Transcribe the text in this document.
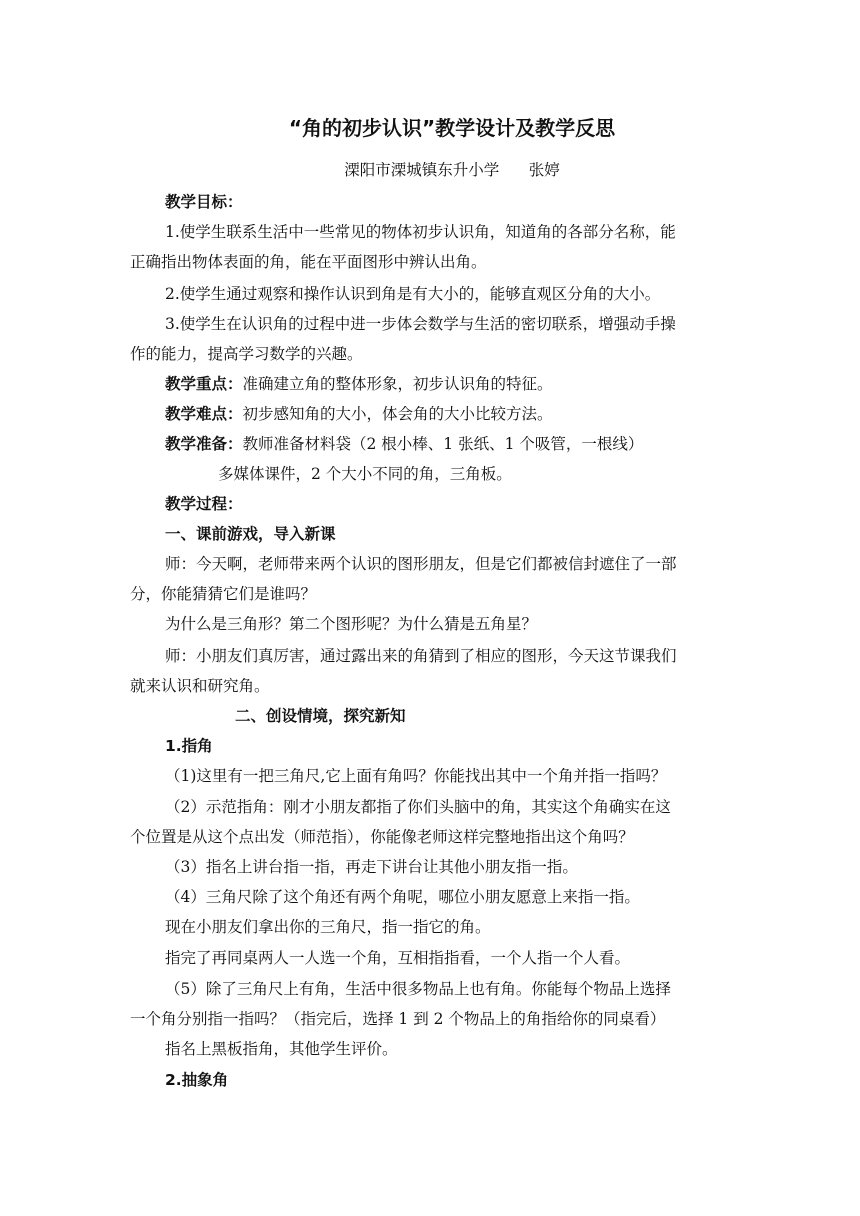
“角的初步认识”教学设计及教学反思
溧阳市溧城镇东升小学      张婷
教学目标：
1.使学生联系生活中一些常见的物体初步认识角，知道角的各部分名称，能
正确指出物体表面的角，能在平面图形中辨认出角。
2.使学生通过观察和操作认识到角是有大小的，能够直观区分角的大小。
3.使学生在认识角的过程中进一步体会数学与生活的密切联系，增强动手操
作的能力，提高学习数学的兴趣。
教学重点：准确建立角的整体形象，初步认识角的特征。
教学难点：初步感知角的大小，体会角的大小比较方法。
教学准备：教师准备材料袋（2 根小棒、1 张纸、1 个吸管，一根线）
多媒体课件，2 个大小不同的角，三角板。
教学过程：
一、课前游戏，导入新课
师：今天啊，老师带来两个认识的图形朋友，但是它们都被信封遮住了一部
分，你能猜猜它们是谁吗？
为什么是三角形？第二个图形呢？为什么猜是五角星？
师：小朋友们真厉害，通过露出来的角猜到了相应的图形，今天这节课我们
就来认识和研究角。
二、创设情境，探究新知
1.指角
（1)这里有一把三角尺,它上面有角吗？你能找出其中一个角并指一指吗？
（2）示范指角：刚才小朋友都指了你们头脑中的角，其实这个角确实在这
个位置是从这个点出发（师范指），你能像老师这样完整地指出这个角吗？
（3）指名上讲台指一指，再走下讲台让其他小朋友指一指。
（4）三角尺除了这个角还有两个角呢，哪位小朋友愿意上来指一指。
现在小朋友们拿出你的三角尺，指一指它的角。
指完了再同桌两人一人选一个角，互相指指看，一个人指一个人看。
（5）除了三角尺上有角，生活中很多物品上也有角。你能每个物品上选择
一个角分别指一指吗？（指完后，选择 1 到 2 个物品上的角指给你的同桌看）
指名上黑板指角，其他学生评价。
2.抽象角
